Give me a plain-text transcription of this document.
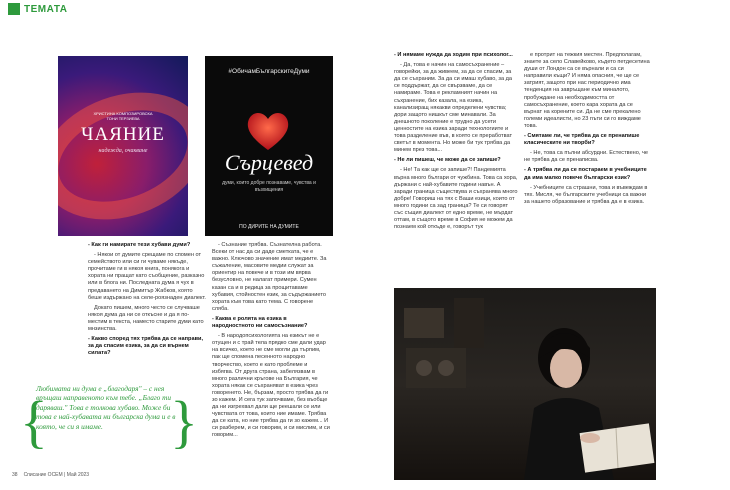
ТЕМАТА
ХРИСТИНА КОМПОЗИРОВСКА
ТОНИ ТЕРЗИЕВА
ЧАЯНИЕ
надежда, очакване
#ОбичамБългарскитеДуми
Сърцевед
думи, които добре познаваме, чувства и възхищения
ПО ДИРИТЕ НА ДУМИТЕ

- Как ги намирате тези хубави думи?

- Някои от думите срещаме по спомен от семейството или си ги чуваме някъде, прочитаме ги в някоя книга, понякога и хората ни пращат като съобщение, разказно или в блога ни. Последната дума я чух в предаването на Димитър Жабков, която беше издържано на селе-роязнаден диалект.

Докато пишем, много често се случваше някоя дума да ни се откъсне и да я по-местим в текста, наместо старите думи като мнзинства.

- Какво според тях трябва да се направи, за да спасим езика, за да си върнем силата?

- Съзнание трябва. Съзнателна работа. Всеки от нас да си даде сметката, че е важно. Ключово значение имат медиите. За съжаление, масовите медии служат за ориентир на повече и в този им вярва безусловно, не налагат примери. Сумен казан са и в редица за прощитаваме хубавия, стойностен език, за съдържанието хората към това като тема. С говорене сляба.

- Каква е ролята на езика в народностното ни самосъзнание?

- В народопсихологията на езикът не е отущен и с трай тела прядко сме дали удар на всичко, което не сме могли да търпим, пак ще спомена песенното народно творчество, което е като проблеме и избягва. От друга страна, забелязвам в много различни кръгове на България, че хората някак се съхраняват в езика чрез говоренето. Не, бързам, просто трябва да ги зо кажем. И сега тук започваме, без въобще да ни изгрехвал дали ще реешали се или чувствата от това, които ние имаме. Трябва да се ката, но ние трябва да ги зо кажем... И си разберем, и си говорим, и си мислим, и си говорим...

- И нямаме нужда да ходим при психолог...

- Да, това е начин на самосъхранение – говорейки, за да живеем, за да се спасим, за да се съхраним. За да си имаш хубаво, за да се поддържат, да се свързваме, да се намираме. Това е рекламният начин на съхранение, бих казала, на езика, канализиращ някакви определени чувства; дори защото нишкът сме минавали. За днешното поколение е трудно да усети ценностите на езика заради технологиите и това разделение във, в която се преработват светът в момента. Но може би тук трябва да минем през това...

- Не ли пишеш, че може да се запише?

- Не! Та как ще се запише?! Пандемията върна много българи от чужбина. Това са хора, държани с най-хубавите години навън. А заради граница съществува и съхранява много добре! Говориш на тях с Ваши езици, които от много години са зад граница? Те си говорят със същия диалект от едно време, не мърдат оттам, в същото време в София не можем да познаем кой откъде е, говорът тук

е протрит на тежкия местен. Предполагам, знаете за село Славейково, където петдесетина души от Лондон са се върнали и са си направили къщи? И няма опасния, че ще се затрият, защото при нас периодично има тенденция на завръщане към миналото, пробуждане на необходимостта от самосъхранение, което кара хората да се върнат на корените си. Да не сме прекалено големи идеалисти, но 23 пъти си го виждаме това.

- Смятаме ли, че трябва да се пренапише класическите ни творби?

- Не, това са пълни абсурдни. Естествено, че не трябва да се пренаписва.

- А трябва ли да се постараем в учебниците да има малко повече български език?

- Учебниците са страшни, това и въвеждам в тях. Мисля, че българските учебници са важни за нашето образование и трябва да е в езика.

{
Любимата ни дума е „благодаря" – с нея връщаш направеното към тебе. „Благо ти даряваш." Това е толкова хубаво. Може би това е най-хубавата ни българска дума и е в която, че си я имаме.	}
38 Списание ОСЕМ | Май 2023
